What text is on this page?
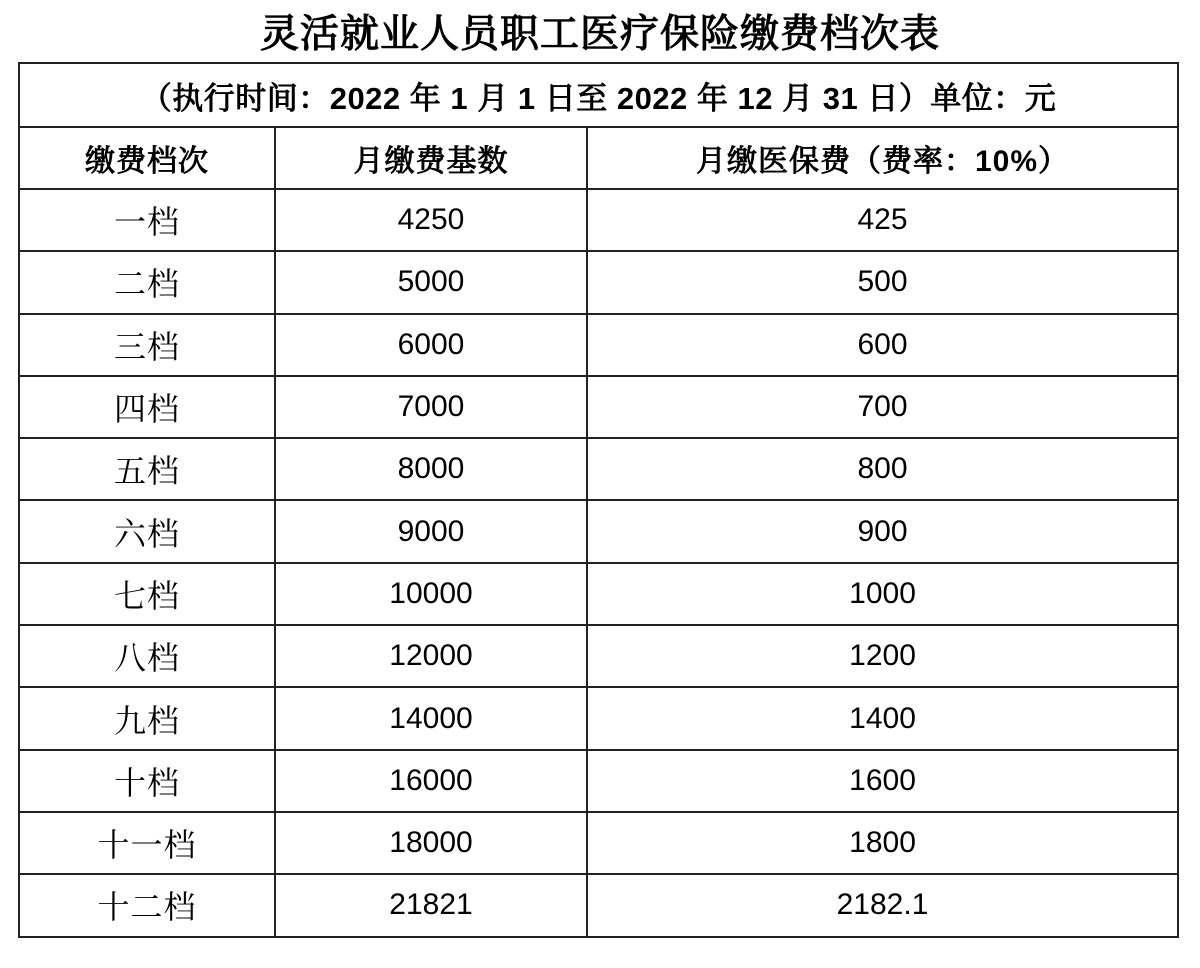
灵活就业人员职工医疗保险缴费档次表
（执行时间：2022 年 1 月 1 日至 2022 年 12 月 31 日）单位：元		
缴费档次	月缴费基数	月缴医保费（费率：10%）
一档	4250	425
二档	5000	500
三档	6000	600
四档	7000	700
五档	8000	800
六档	9000	900
七档	10000	1000
八档	12000	1200
九档	14000	1400
十档	16000	1600
十一档	18000	1800
十二档	21821	2182.1
